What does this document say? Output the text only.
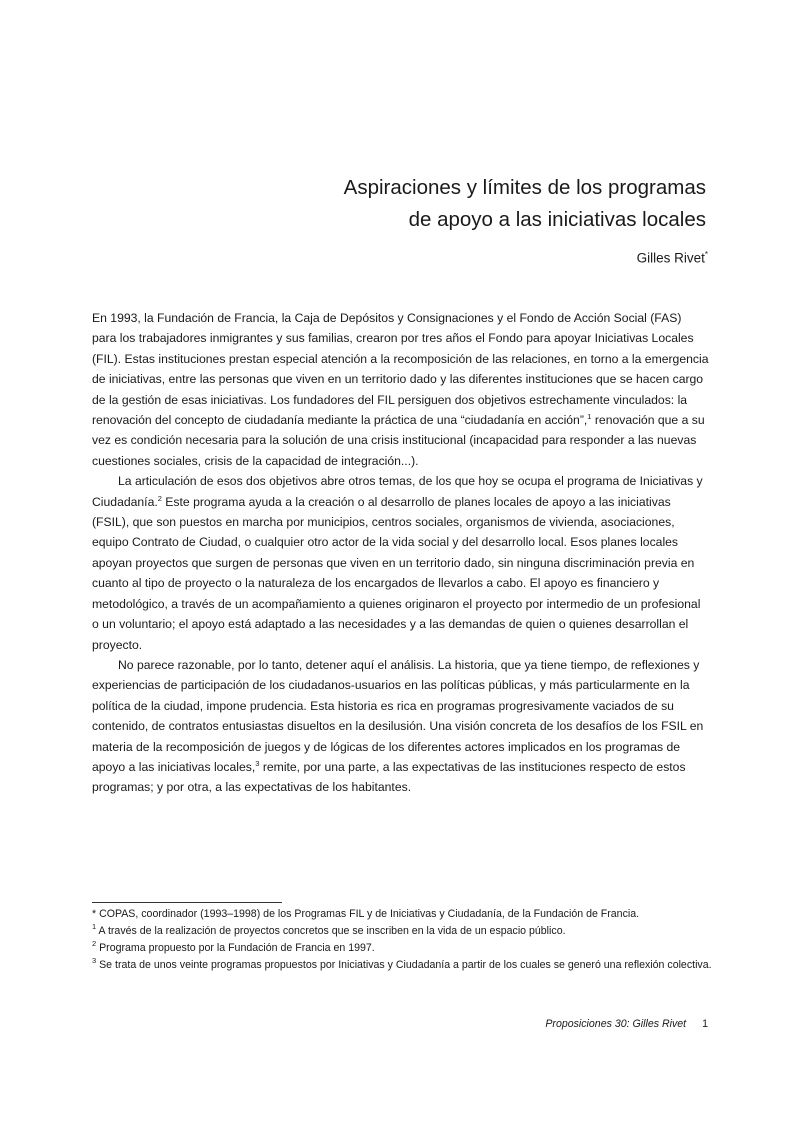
Aspiraciones y límites de los programas
de apoyo a las iniciativas locales
Gilles Rivet*

En 1993, la Fundación de Francia, la Caja de Depósitos y Consignaciones y el Fondo de Acción Social (FAS) para los trabajadores inmigrantes y sus familias, crearon por tres años el Fondo para apoyar Iniciativas Locales (FIL). Estas instituciones prestan especial atención a la recomposición de las relaciones, en torno a la emergencia de iniciativas, entre las personas que viven en un territorio dado y las diferentes instituciones que se hacen cargo de la gestión de esas iniciativas. Los fundadores del FIL persiguen dos objetivos estrechamente vinculados: la renovación del concepto de ciudadanía mediante la práctica de una “ciudadanía en acción”,$^1$ renovación que a su vez es condición necesaria para la solución de una crisis institucional (incapacidad para responder a las nuevas cuestiones sociales, crisis de la capacidad de integración...).

La articulación de esos dos objetivos abre otros temas, de los que hoy se ocupa el programa de Iniciativas y Ciudadanía.$^2$ Este programa ayuda a la creación o al desarrollo de planes locales de apoyo a las iniciativas (FSIL), que son puestos en marcha por municipios, centros sociales, organismos de vivienda, asociaciones, equipo Contrato de Ciudad, o cualquier otro actor de la vida social y del desarrollo local. Esos planes locales apoyan proyectos que surgen de personas que viven en un territorio dado, sin ninguna discriminación previa en cuanto al tipo de proyecto o la naturaleza de los encargados de llevarlos a cabo. El apoyo es financiero y metodológico, a través de un acompañamiento a quienes originaron el proyecto por intermedio de un profesional o un voluntario; el apoyo está adaptado a las necesidades y a las demandas de quien o quienes desarrollan el proyecto.

No parece razonable, por lo tanto, detener aquí el análisis. La historia, que ya tiene tiempo, de reflexiones y experiencias de participación de los ciudadanos-usuarios en las políticas públicas, y más particularmente en la política de la ciudad, impone prudencia. Esta historia es rica en programas progresivamente vaciados de su contenido, de contratos entusiastas disueltos en la desilusión. Una visión concreta de los desafíos de los FSIL en materia de la recomposición de juegos y de lógicas de los diferentes actores implicados en los programas de apoyo a las iniciativas locales,$^3$ remite, por una parte, a las expectativas de las instituciones respecto de estos programas; y por otra, a las expectativas de los habitantes.

* COPAS, coordinador (1993–1998) de los Programas FIL y de Iniciativas y Ciudadanía, de la Fundación de Francia.
$^1$ A través de la realización de proyectos concretos que se inscriben en la vida de un espacio público.
$^2$ Programa propuesto por la Fundación de Francia en 1997.
$^3$ Se trata de unos veinte programas propuestos por Iniciativas y Ciudadanía a partir de los cuales se generó una reflexión colectiva.
Proposiciones 30: Gilles Rivet 1
